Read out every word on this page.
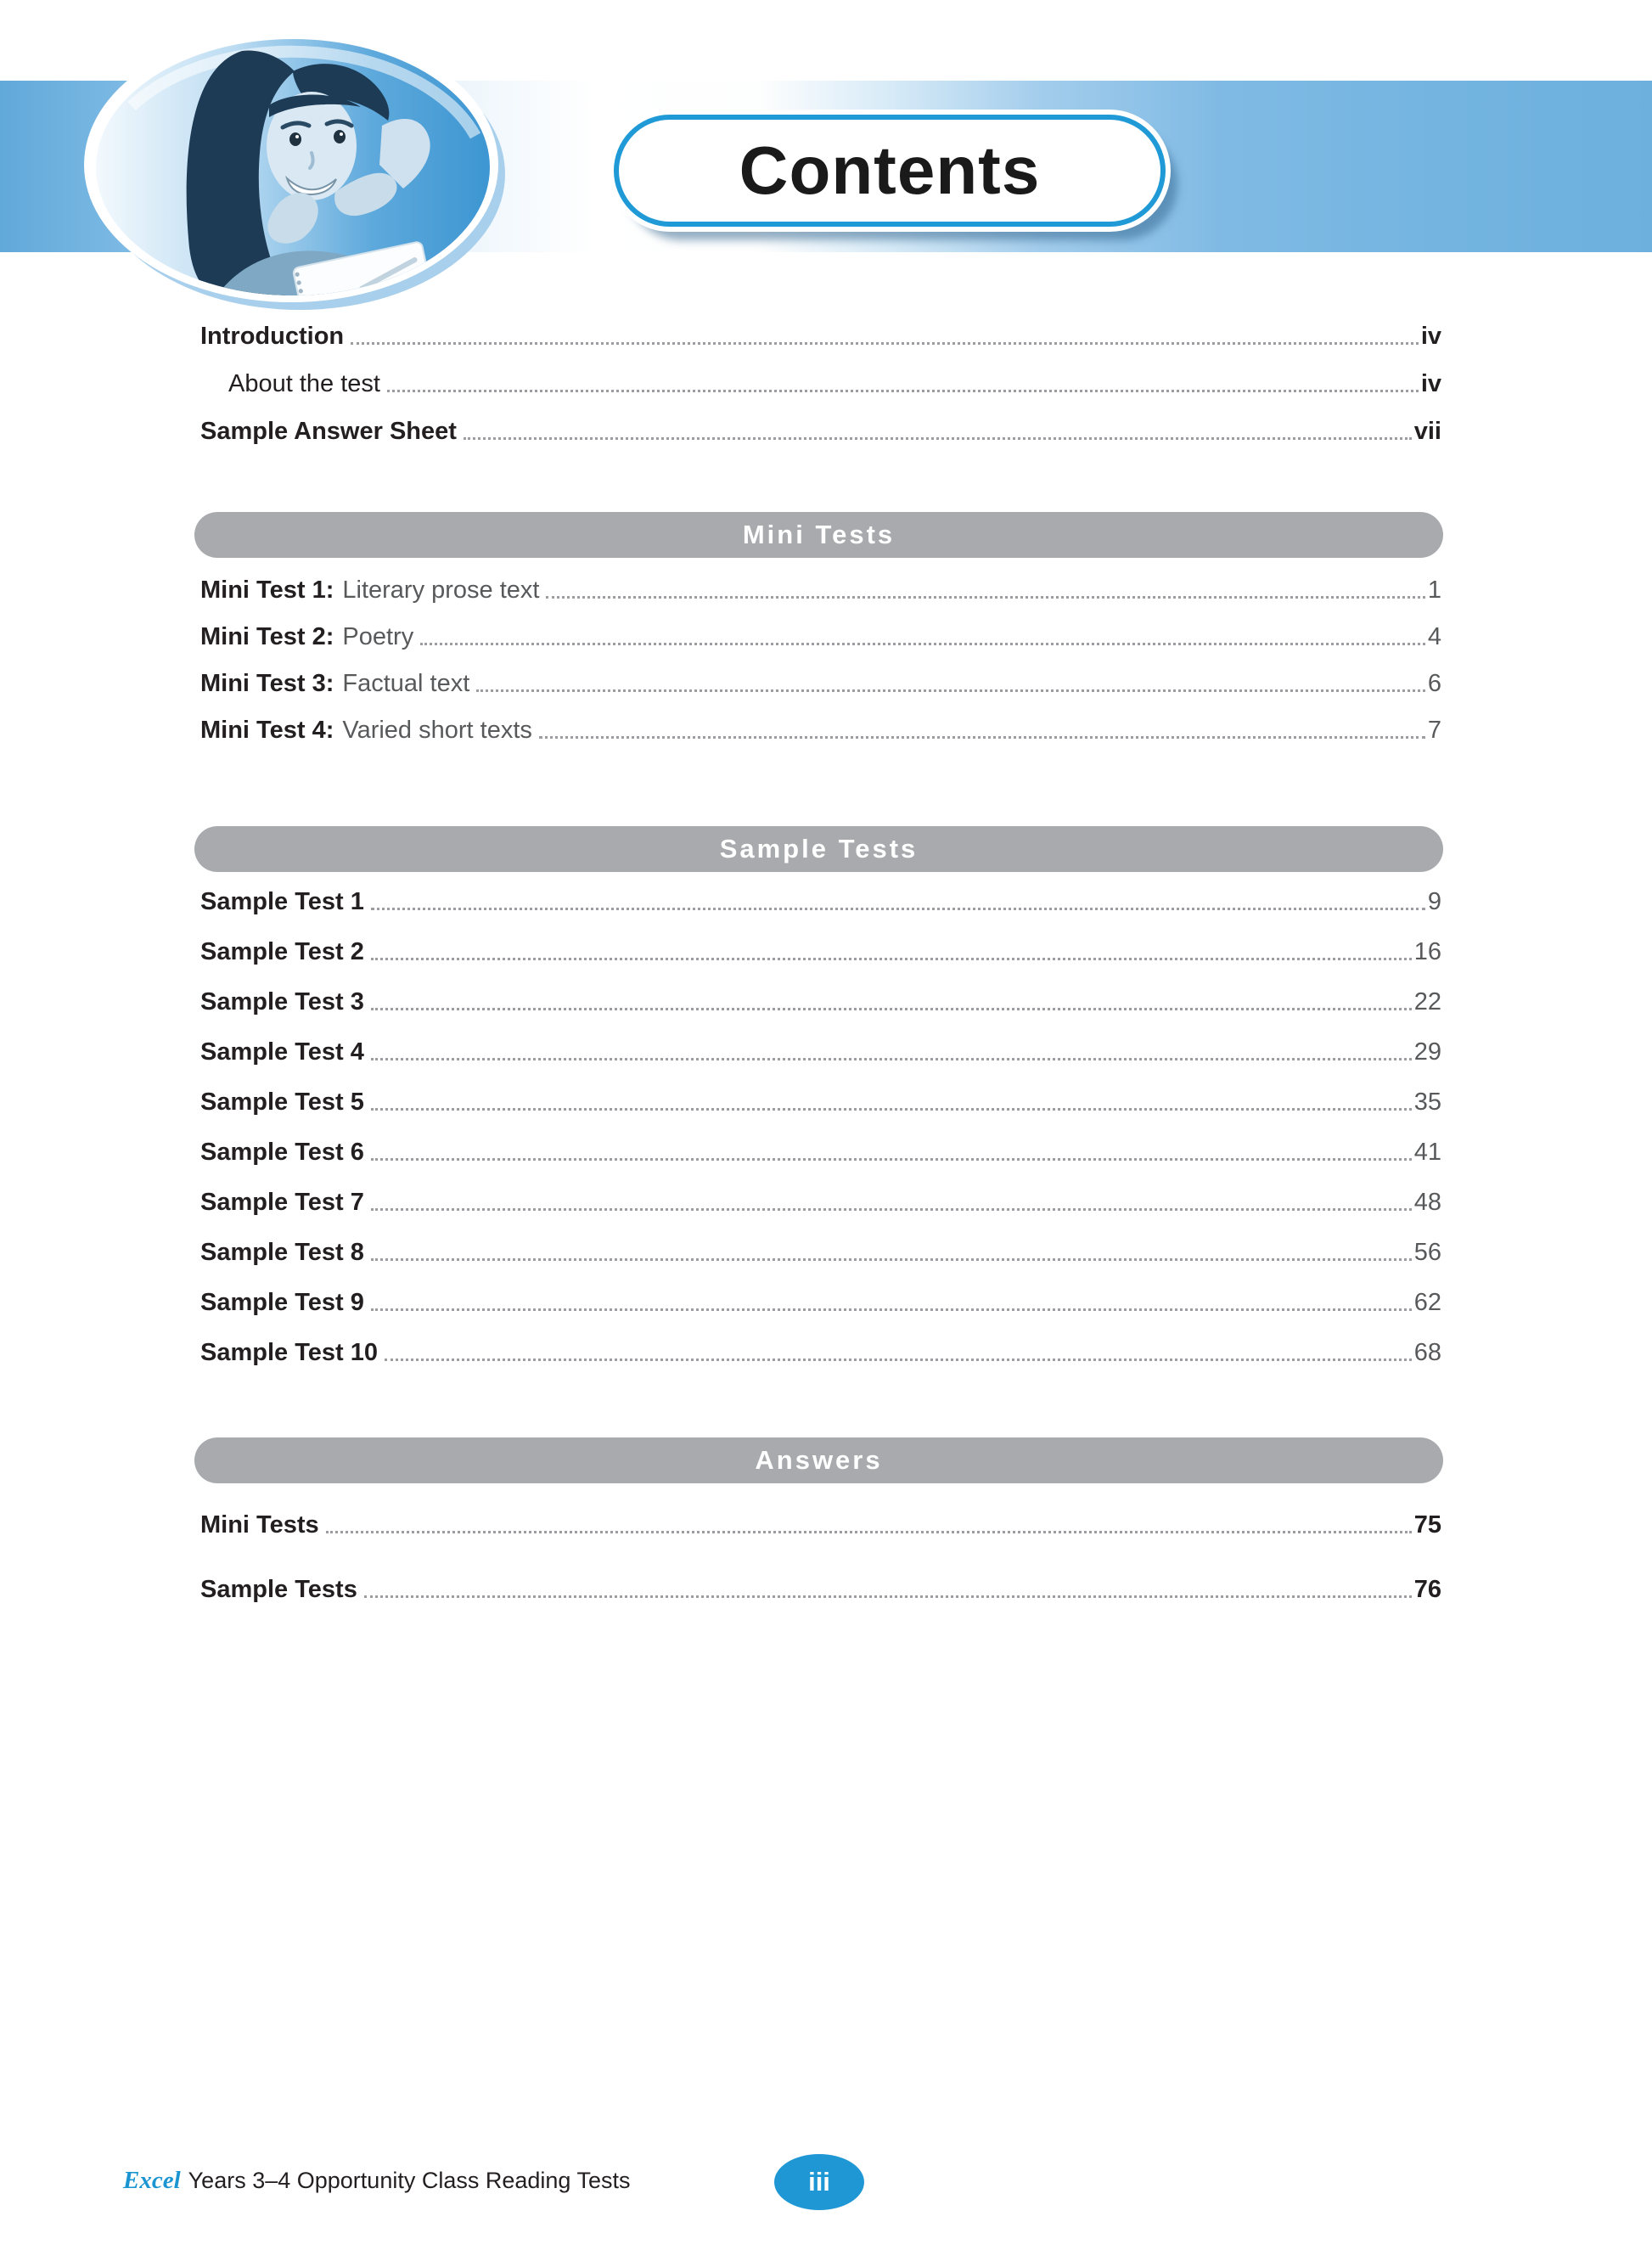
Contents
Introduction	iv
About the test	iv
Sample Answer Sheet	vii
Mini Tests
Mini Test 1: Literary prose text	1
Mini Test 2: Poetry	4
Mini Test 3: Factual text	6
Mini Test 4: Varied short texts	7
Sample Tests
Sample Test 1	9
Sample Test 2	16
Sample Test 3	22
Sample Test 4	29
Sample Test 5	35
Sample Test 6	41
Sample Test 7	48
Sample Test 8	56
Sample Test 9	62
Sample Test 10	68
Answers
Mini Tests	75
Sample Tests	76
Excel Years 3–4 Opportunity Class Reading Tests	iii
